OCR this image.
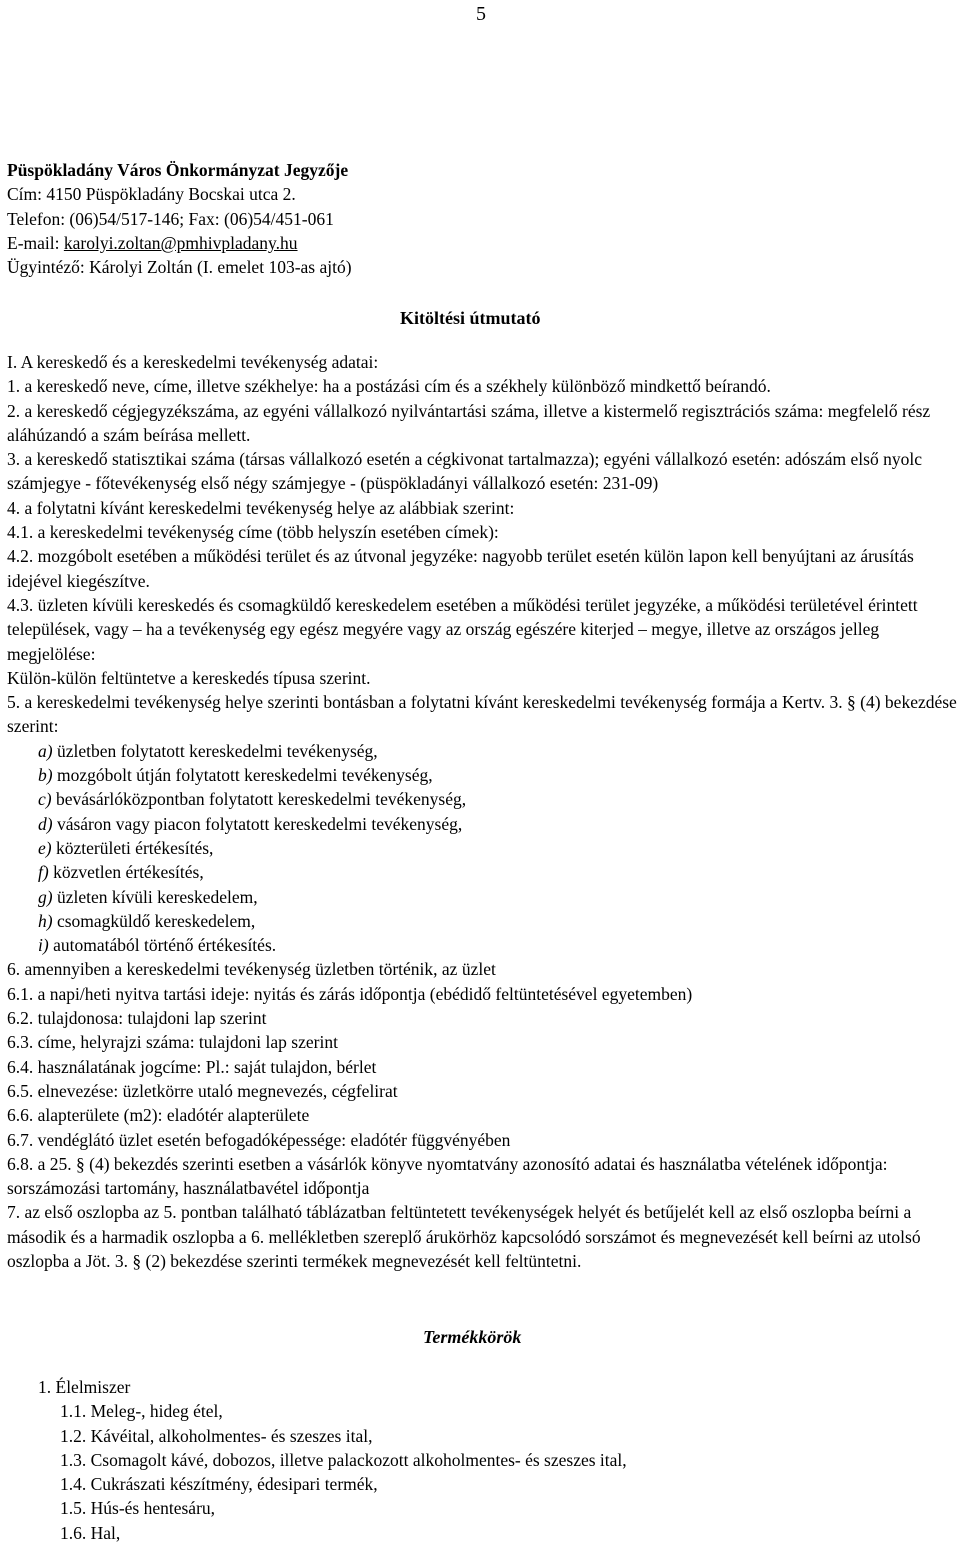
5
Püspökladány Város Önkormányzat Jegyzője
Cím: 4150 Püspökladány Bocskai utca 2.
Telefon: (06)54/517-146; Fax: (06)54/451-061
E-mail: karolyi.zoltan@pmhivpladany.hu
Ügyintéző: Károlyi Zoltán (I. emelet 103-as ajtó)
Kitöltési útmutató

I. A kereskedő és a kereskedelmi tevékenység adatai:

1. a kereskedő neve, címe, illetve székhelye: ha a postázási cím és a székhely különböző mindkettő beírandó.

2. a kereskedő cégjegyzékszáma, az egyéni vállalkozó nyilvántartási száma, illetve a kistermelő regisztrációs száma: megfelelő rész aláhúzandó a szám beírása mellett.

3. a kereskedő statisztikai száma (társas vállalkozó esetén a cégkivonat tartalmazza); egyéni vállalkozó esetén: adószám első nyolc számjegye - főtevékenység első négy számjegye - (püspökladányi vállalkozó esetén: 231-09)

4. a folytatni kívánt kereskedelmi tevékenység helye az alábbiak szerint:

4.1. a kereskedelmi tevékenység címe (több helyszín esetében címek):

4.2. mozgóbolt esetében a működési terület és az útvonal jegyzéke: nagyobb terület esetén külön lapon kell benyújtani az árusítás idejével kiegészítve.

4.3. üzleten kívüli kereskedés és csomagküldő kereskedelem esetében a működési terület jegyzéke, a működési területével érintett települések, vagy – ha a tevékenység egy egész megyére vagy az ország egészére kiterjed – megye, illetve az országos jelleg megjelölése:

Külön-külön feltüntetve a kereskedés típusa szerint.

5. a kereskedelmi tevékenység helye szerinti bontásban a folytatni kívánt kereskedelmi tevékenység formája a Kertv. 3. § (4) bekezdése szerint:

a) üzletben folytatott kereskedelmi tevékenység,
b) mozgóbolt útján folytatott kereskedelmi tevékenység,
c) bevásárlóközpontban folytatott kereskedelmi tevékenység,
d) vásáron vagy piacon folytatott kereskedelmi tevékenység,
e) közterületi értékesítés,
f) közvetlen értékesítés,
g) üzleten kívüli kereskedelem,
h) csomagküldő kereskedelem,
i) automatából történő értékesítés.

6. amennyiben a kereskedelmi tevékenység üzletben történik, az üzlet

6.1. a napi/heti nyitva tartási ideje: nyitás és zárás időpontja (ebédidő feltüntetésével egyetemben)

6.2. tulajdonosa: tulajdoni lap szerint

6.3. címe, helyrajzi száma: tulajdoni lap szerint

6.4. használatának jogcíme: Pl.: saját tulajdon, bérlet

6.5. elnevezése: üzletkörre utaló megnevezés, cégfelirat

6.6. alapterülete (m2): eladótér alapterülete

6.7. vendéglátó üzlet esetén befogadóképessége: eladótér függvényében

6.8. a 25. § (4) bekezdés szerinti esetben a vásárlók könyve nyomtatvány azonosító adatai és használatba vételének időpontja: sorszámozási tartomány, használatbavétel időpontja

7. az első oszlopba az 5. pontban található táblázatban feltüntetett tevékenységek helyét és betűjelét kell az első oszlopba beírni a második és a harmadik oszlopba a 6. mellékletben szereplő árukörhöz kapcsolódó sorszámot és megnevezését kell beírni az utolsó oszlopba a Jöt. 3. § (2) bekezdése szerinti termékek megnevezését kell feltüntetni.

Termékkörök
1. Élelmiszer
1.1. Meleg-, hideg étel,
1.2. Kávéital, alkoholmentes- és szeszes ital,
1.3. Csomagolt kávé, dobozos, illetve palackozott alkoholmentes- és szeszes ital,
1.4. Cukrászati készítmény, édesipari termék,
1.5. Hús-és hentesáru,
1.6. Hal,
